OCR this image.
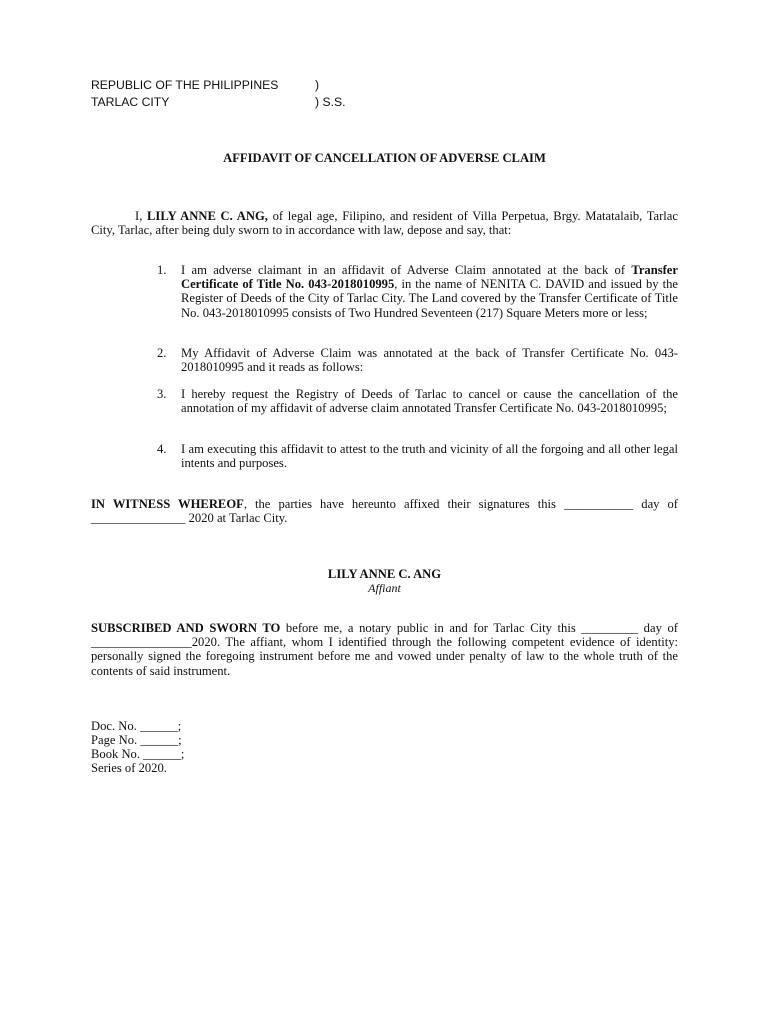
REPUBLIC OF THE PHILIPPINES	)
TARLAC CITY	) S.S.
AFFIDAVIT OF CANCELLATION OF ADVERSE CLAIM
I, LILY ANNE C. ANG, of legal age, Filipino, and resident of Villa Perpetua, Brgy. Matatalaib, Tarlac City, Tarlac, after being duly sworn to in accordance with law, depose and say, that:
1.	I am adverse claimant in an affidavit of Adverse Claim annotated at the back of Transfer Certificate of Title No. 043-2018010995, in the name of NENITA C. DAVID and issued by the Register of Deeds of the City of Tarlac City. The Land covered by the Transfer Certificate of Title No. 043-2018010995 consists of Two Hundred Seventeen (217) Square Meters more or less;
2.	My Affidavit of Adverse Claim was annotated at the back of Transfer Certificate No. 043-2018010995 and it reads as follows:
3.	I hereby request the Registry of Deeds of Tarlac to cancel or cause the cancellation of the annotation of my affidavit of adverse claim annotated Transfer Certificate No. 043-2018010995;
4.	I am executing this affidavit to attest to the truth and vicinity of all the forgoing and all other legal intents and purposes.
IN WITNESS WHEREOF, the parties have hereunto affixed their signatures this ___________ day of _______________ 2020 at Tarlac City.
LILY ANNE C. ANG
Affiant
SUBSCRIBED AND SWORN TO before me, a notary public in and for Tarlac City this _________ day of ________________2020. The affiant, whom I identified through the following competent evidence of identity: personally signed the foregoing instrument before me and vowed under penalty of law to the whole truth of the contents of said instrument.
Doc. No. ______;
Page No. ______;
Book No. ______;
Series of 2020.
